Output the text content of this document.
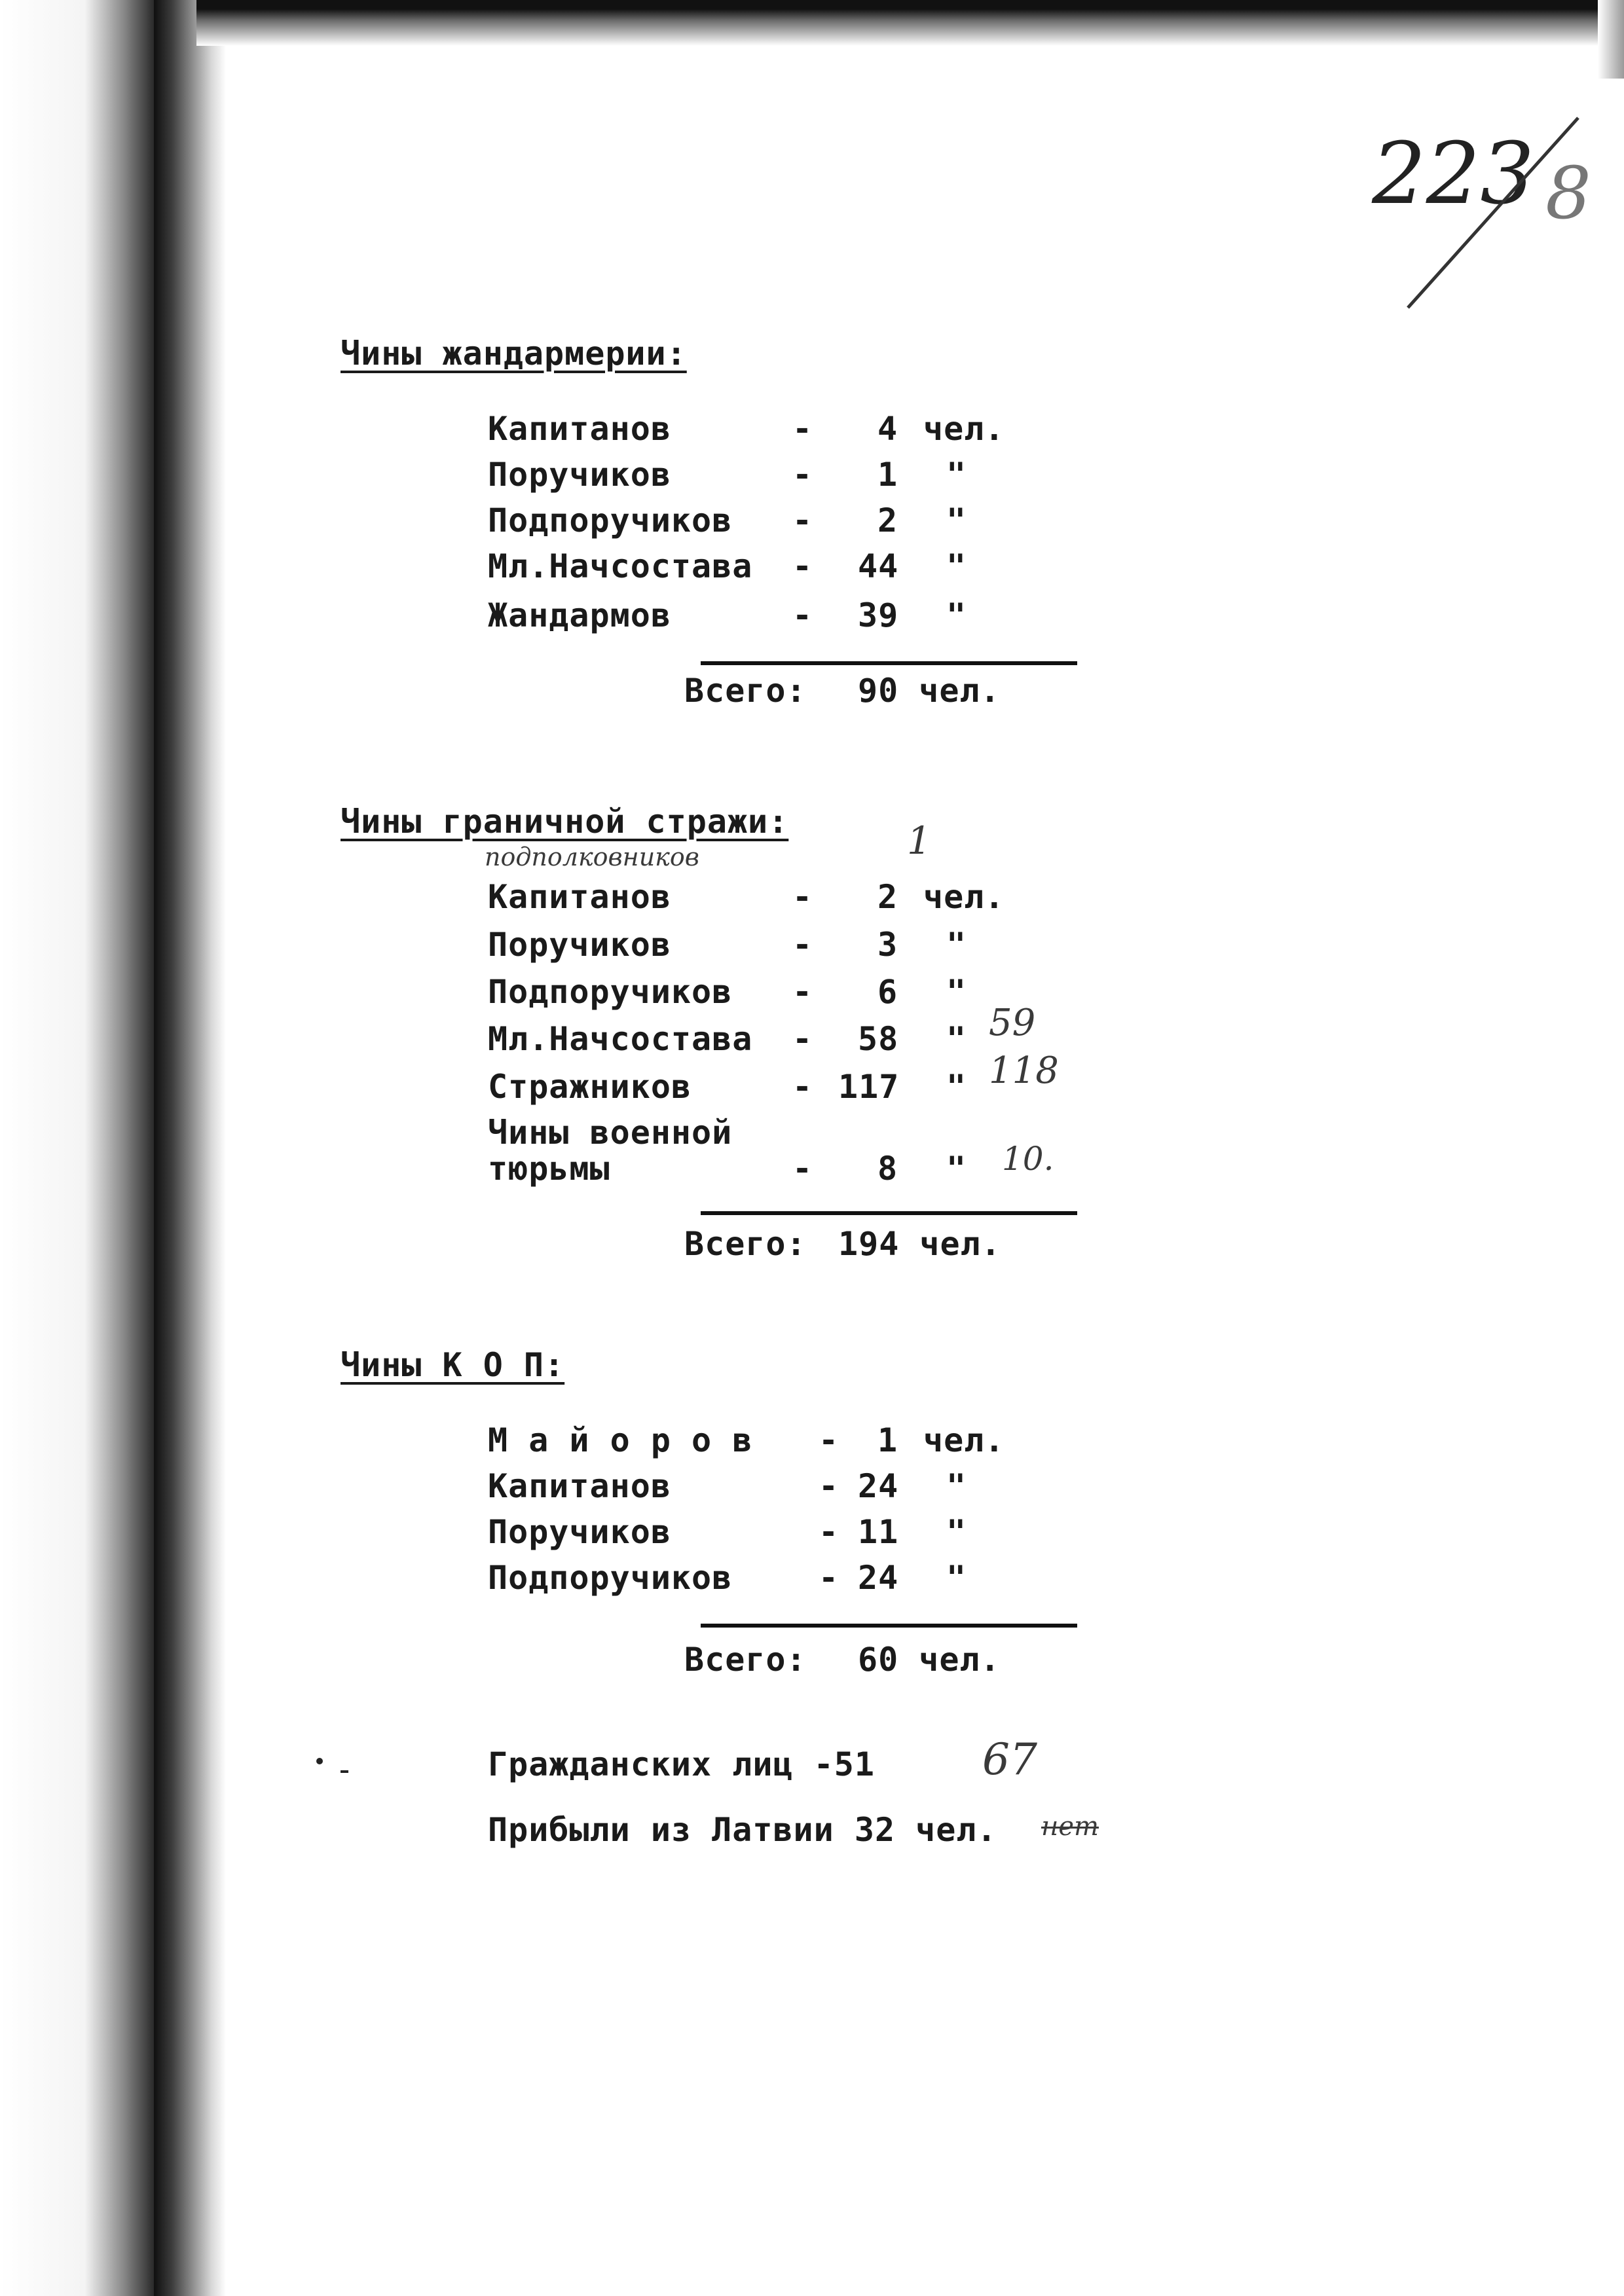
223 8
Чины жандармерии:
Капитанов	- 4 чел.
Поручиков	- 1 "
Подпоручиков - 2 "
Мл.Начсостава - 44 "
Жандармов	- 39 "
Всего: 90 чел.
Чины граничной стражи:
подполковников	1
Капитанов	- 2 чел.
Поручиков	- 3 "
Подпоручиков - 6 "
Мл.Начсостава - 58 " 59
Стражников	- 117 " 118
Чины военной
тюрьмы	- 8 " 10.
Всего: 194 чел.
Чины К О П:
М а й о р о в - 1 чел.
Капитанов	- 24 "
Поручиков	- 11 "
Подпоручиков	- 24 "
Всего: 60 чел.
Гражданских лиц -51 67
Прибыли из Латвии 32 чел. нет
